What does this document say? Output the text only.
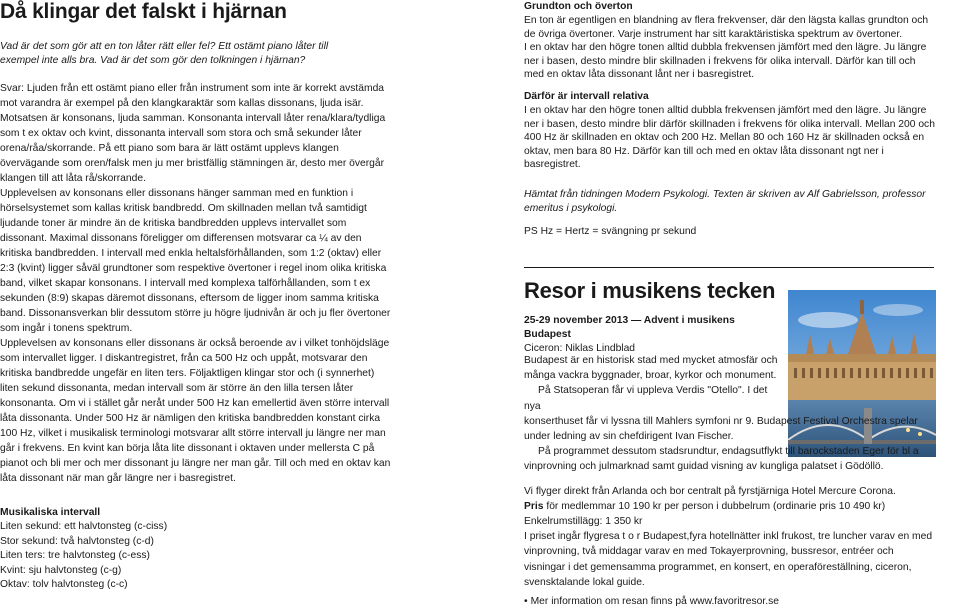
Då klingar det falskt i hjärnan
Vad är det som gör att en ton låter rätt eller fel? Ett ostämt piano låter till
exempel inte alls bra. Vad är det som gör den tolkningen i hjärnan?

Svar: Ljuden från ett ostämt piano eller från instrument som inte är korrekt avstämda mot varandra är exempel på den klangkaraktär som kallas dissonans, ljuda isär. Motsatsen är konsonans, ljuda samman. Konsonanta intervall låter rena/klara/tydliga som t ex oktav och kvint, dissonanta intervall som stora och små sekunder låter orena/råa/skorrande. På ett piano som bara är lätt ostämt upplevs klangen övervägande som oren/falsk men ju mer bristfällig stämningen är, desto mer övergår klangen till att låta rå/skorrande.

Upplevelsen av konsonans eller dissonans hänger samman med en funktion i hörselsystemet som kallas kritisk bandbredd. Om skillnaden mellan två samtidigt ljudande toner är mindre än de kritiska bandbredden upplevs intervallet som dissonant. Maximal dissonans föreligger om differensen motsvarar ca ¼ av den kritiska bandbredden. I intervall med enkla heltalsförhållanden, som 1:2 (oktav) eller 2:3 (kvint) ligger såväl grundtoner som respektive övertoner i regel inom olika kritiska band, vilket skapar konsonans. I intervall med komplexa talförhållanden, som t ex sekunden (8:9) skapas däremot dissonans, eftersom de ligger inom samma kritiska band. Dissonansverkan blir dessutom större ju högre ljudnivån är och ju fler övertoner som ingår i tonens spektrum.

Upplevelsen av konsonans eller dissonans är också beroende av i vilket tonhöjdsläge som intervallet ligger. I diskantregistret, från ca 500 Hz och uppåt, motsvarar den kritiska bandbredde ungefär en liten ters. Följaktligen klingar stor och (i synnerhet) liten sekund dissonanta, medan intervall som är större än den lilla tersen låter konsonanta. Om vi i stället går neråt under 500 Hz kan emellertid även större intervall låta dissonanta. Under 500 Hz är nämligen den kritiska bandbredden konstant cirka 100 Hz, vilket i musikalisk terminologi motsvarar allt större intervall ju längre ner man går i frekvens. En kvint kan börja låta lite dissonant i oktaven under mellersta C på pianot och bli mer och mer dissonant ju längre ner man går. Till och med en oktav kan låta dissonant när man går längre ner i basregistret.

Musikaliska intervall
Liten sekund: ett halvtonsteg (c-ciss)
Stor sekund: två halvtonsteg (c-d)
Liten ters: tre halvtonsteg (c-ess)
Kvint: sju halvtonsteg (c-g)
Oktav: tolv halvtonsteg (c-c)
Grundton och överton

En ton är egentligen en blandning av flera frekvenser, där den lägsta kallas grundton och de övriga övertoner. Varje instrument har sitt karaktäristiska spektrum av övertoner.

I en oktav har den högre tonen alltid dubbla frekvensen jämfört med den lägre. Ju längre ner i basen, desto mindre blir skillnaden i frekvens för olika intervall. Därför kan till och med en oktav låta dissonant lånt ner i basregistret.

Därför är intervall relativa

I en oktav har den högre tonen alltid dubbla frekvensen jämfört med den lägre. Ju längre ner i basen, desto mindre blir därför skillnaden i frekvens för olika intervall. Mellan 200 och 400 Hz är skillnaden en oktav och 200 Hz. Mellan 80 och 160 Hz är skillnaden också en oktav, men bara 80 Hz. Därför kan till och med en oktav låta dissonant ngt ner i basregistret.

Hämtat från tidningen Modern Psykologi. Texten är skriven av Alf Gabrielsson, professor emeritus i psykologi.

PS Hz = Hertz = svängning pr sekund

Resor i musikens tecken
25-29 november 2013 — Advent i musikens Budapest
Ciceron: Niklas Lindblad

Budapest är en historisk stad med mycket atmosfär och många vackra byggnader, broar, kyrkor och monument.

På Statsoperan får vi uppleva Verdis "Otello". I det nya

konserthuset får vi lyssna till Mahlers symfoni nr 9. Budapest Festival Orchestra spelar under ledning av sin chefdirigent Ivan Fischer.

På programmet dessutom stadsrundtur, endagsutflykt till barockstaden Eger för bl a vinprovning och julmarknad samt guidad visning av kungliga palatset i Gödöllö.

Vi flyger direkt från Arlanda och bor centralt på fyrstjärniga Hotel Mercure Corona.

Pris för medlemmar 10 190 kr per person i dubbelrum (ordinarie pris 10 490 kr)

Enkelrumstillägg: 1 350 kr

I priset ingår flygresa t o r Budapest,fyra hotellnätter inkl frukost, tre luncher varav en med vinprovning, två middagar varav en med Tokayerprovning, bussresor, entréer och visningar i det gemensamma programmet, en konsert, en operaföreställning, ciceron, svensktalande lokal guide.

• Mer information om resan finns på www.favoritresor.se
